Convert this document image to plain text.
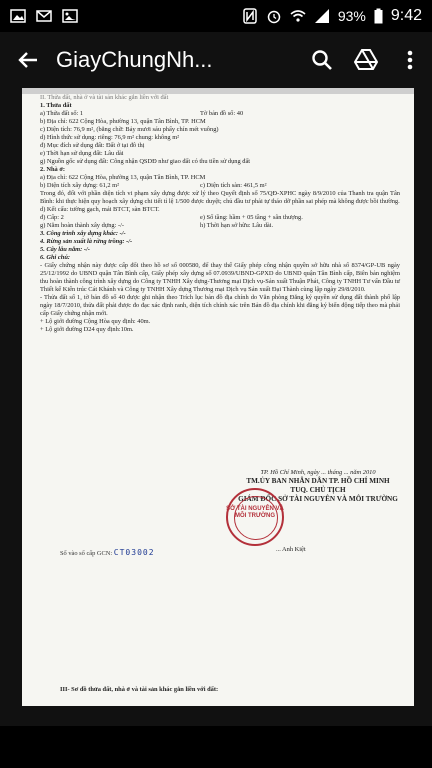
93% 9:42
GiayChungNh...
II. Thửa đất, nhà ở và tài sản khác gắn liền với đất
1. Thửa đất
a) Thửa đất số: 1	Tờ bản đồ số: 40
b) Địa chỉ: 622 Cộng Hòa, phường 13, quận Tân Bình, TP. HCM
c) Diện tích: 76,9 m², (bằng chữ: Bảy mươi sáu phẩy chín mét vuông)
d) Hình thức sử dụng: riêng: 76,9 m² chung: không m²
đ) Mục đích sử dụng đất: Đất ở tại đô thị
e) Thời hạn sử dụng đất: Lâu dài
g) Nguồn gốc sử dụng đất: Công nhận QSDĐ như giao đất có thu tiền sử dụng đất
2. Nhà ở:
a) Địa chỉ: 622 Cộng Hòa, phường 13, quận Tân Bình, TP. HCM
b) Diện tích xây dựng: 61,2 m²	c) Diện tích sàn: 461,5 m²
Trong đó, đối với phần diện tích vi phạm xây dựng được xử lý theo Quyết định số 75/QĐ-XPHC ngày 8/9/2010 của Thanh tra quận Tân Bình: khi thực hiện quy hoạch xây dựng chi tiết tỉ lệ 1/500 được duyệt; chủ đầu tư phải tự tháo dỡ phần sai phép mà không được bồi thường.
d) Kết cấu: tường gạch, mái BTCT, sàn BTCT.
đ) Cấp: 2	e) Số tầng: hầm + 05 tầng + sân thượng.
g) Năm hoàn thành xây dựng: -/-	h) Thời hạn sở hữu: Lâu dài.
3. Công trình xây dựng khác: -/-
4. Rừng sản xuất là rừng trồng: -/-
5. Cây lâu năm: -/-
6. Ghi chú:
- Giấy chứng nhận này được cấp đổi theo hồ sơ số 000580, để thay thế Giấy phép công nhận quyền sở hữu nhà số 8374/GP-UB ngày 25/12/1992 do UBND quận Tân Bình cấp, Giấy phép xây dựng số 07.0939/UBND-GPXD do UBND quận Tân Bình cấp, Biên bản nghiệm thu hoàn thành công trình xây dựng do Công ty TNHH Xây dựng-Thương mại Dịch vụ-Sản xuất Thuận Phát, Công ty TNHH Tư vấn Đầu tư Thiết kế Kiến trúc Cát Khánh và Công ty TNHH Xây dựng Thương mại Dịch vụ Sản xuất Đại Thành cùng lập ngày 29/8/2010.
- Thửa đất số 1, tờ bản đồ số 40 được ghi nhận theo Trích lục bản đồ địa chính do Văn phòng Đăng ký quyền sử dụng đất thành phố lập ngày 18/7/2010, thửa đất phải được đo đạc xác định ranh, diện tích chính xác trên Bản đồ địa chính khi đăng ký biến động tiếp theo mà phải cấp Giấy chứng nhận mới.
+ Lộ giới đường Cộng Hòa quy định: 40m.
+ Lộ giới đường D24 quy định:10m.
TP. Hồ Chí Minh, ngày ... tháng ... năm 2010
TM.ỦY BAN NHÂN DÂN TP. HỒ CHÍ MINH
TUQ. CHỦ TỊCH
GIÁM ĐỐC SỞ TÀI NGUYÊN VÀ MÔI TRƯỜNG
SỞ TÀI NGUYÊN VÀ MÔI TRƯỜNG
... Anh Kiệt
Số vào sổ cấp GCN: CT03002
III- Sơ đồ thửa đất, nhà ở và tài sản khác gắn liền với đất:
